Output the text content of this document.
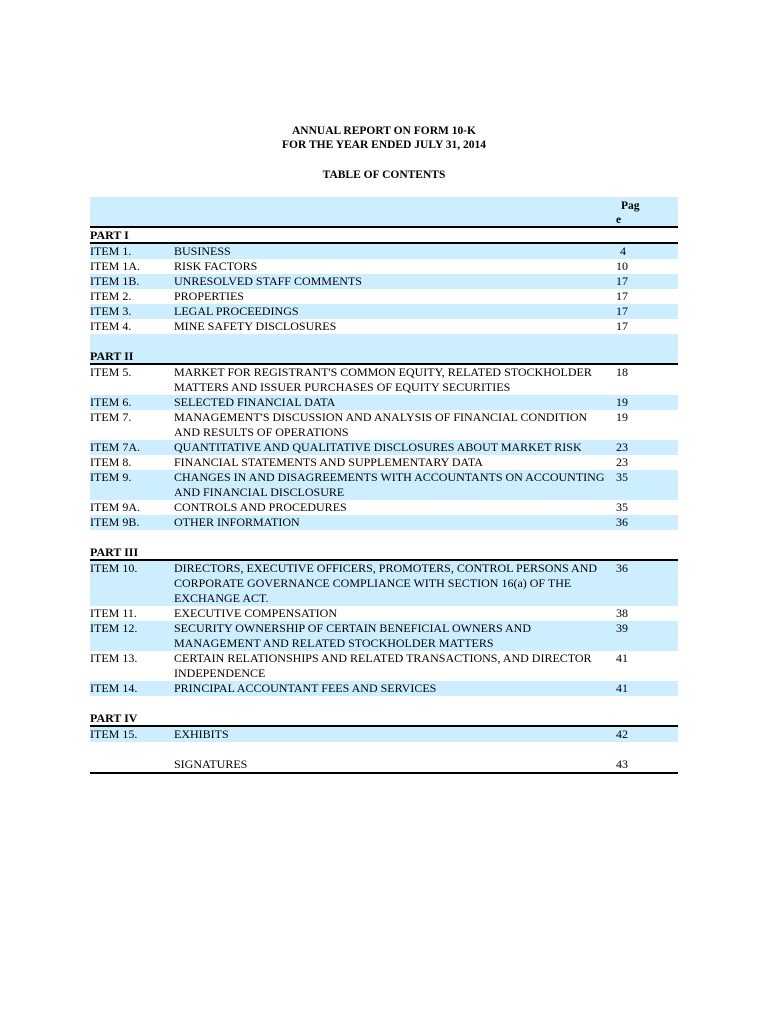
ANNUAL REPORT ON FORM 10-K
FOR THE YEAR ENDED JULY 31, 2014
TABLE OF CONTENTS
Pag
e
PART I
ITEM 1.	BUSINESS	4
ITEM 1A.	RISK FACTORS	10
ITEM 1B.	UNRESOLVED STAFF COMMENTS	17
ITEM 2.	PROPERTIES	17
ITEM 3.	LEGAL PROCEEDINGS	17
ITEM 4.	MINE SAFETY DISCLOSURES	17
PART II
ITEM 5.	MARKET FOR REGISTRANT'S COMMON EQUITY, RELATED STOCKHOLDER MATTERS AND ISSUER PURCHASES OF EQUITY SECURITIES
18
ITEM 6.	SELECTED FINANCIAL DATA	19
ITEM 7.	MANAGEMENT'S DISCUSSION AND ANALYSIS OF FINANCIAL CONDITION AND RESULTS OF OPERATIONS
19
ITEM 7A.	QUANTITATIVE AND QUALITATIVE DISCLOSURES ABOUT MARKET RISK	23
ITEM 8.	FINANCIAL STATEMENTS AND SUPPLEMENTARY DATA	23
ITEM 9.	CHANGES IN AND DISAGREEMENTS WITH ACCOUNTANTS ON ACCOUNTING AND FINANCIAL DISCLOSURE
35
ITEM 9A.	CONTROLS AND PROCEDURES	35
ITEM 9B.	OTHER INFORMATION	36
PART III
ITEM 10.	DIRECTORS, EXECUTIVE OFFICERS, PROMOTERS, CONTROL PERSONS AND CORPORATE GOVERNANCE COMPLIANCE WITH SECTION 16(a) OF THE EXCHANGE ACT.
36
ITEM 11.	EXECUTIVE COMPENSATION	38
ITEM 12.	SECURITY OWNERSHIP OF CERTAIN BENEFICIAL OWNERS AND MANAGEMENT AND RELATED STOCKHOLDER MATTERS
39
ITEM 13.	CERTAIN RELATIONSHIPS AND RELATED TRANSACTIONS, AND DIRECTOR INDEPENDENCE
41
ITEM 14.	PRINCIPAL ACCOUNTANT FEES AND SERVICES	41
PART IV
ITEM 15.	EXHIBITS	42
SIGNATURES	43
